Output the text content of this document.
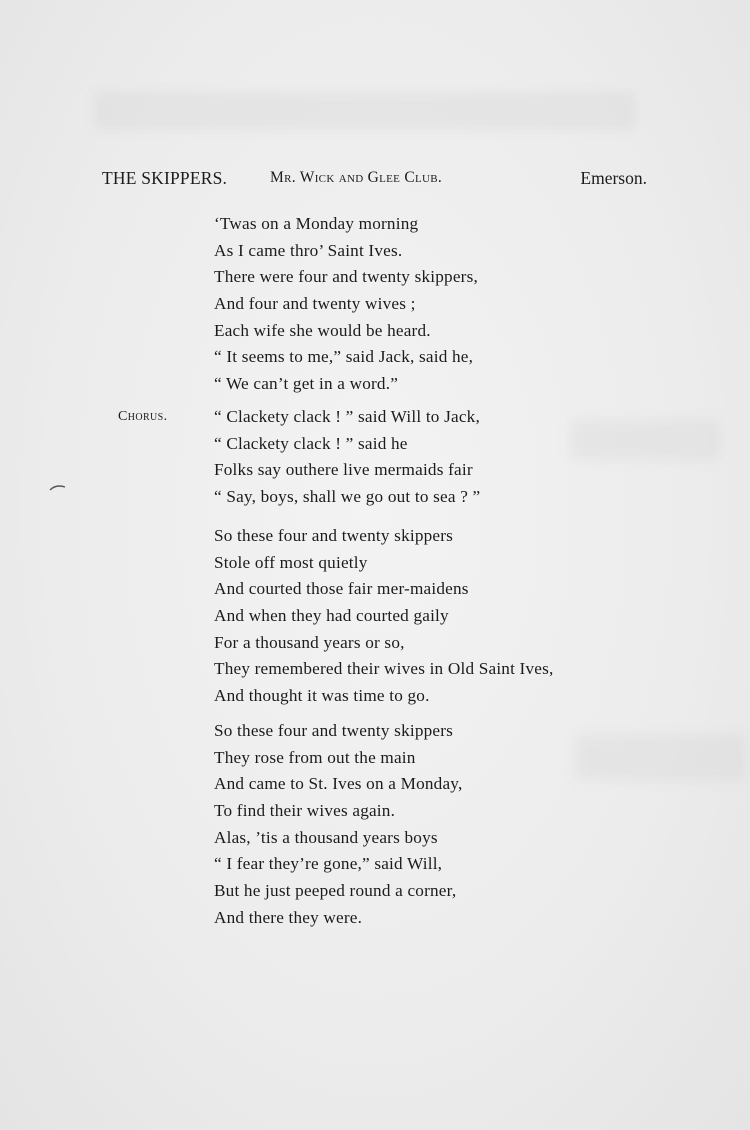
THE SKIPPERS.	Mr. Wick and Glee Club.	Emerson.
‘Twas on a Monday morning
As I came thro’ Saint Ives.
There were four and twenty skippers,
And four and twenty wives ;
Each wife she would be heard.
“ It seems to me,” said Jack, said he,
“ We can’t get in a word.”
Chorus.	“ Clackety clack ! ” said Will to Jack,
“ Clackety clack ! ” said he
Folks say outhere live mermaids fair
“ Say, boys, shall we go out to sea ? ”
So these four and twenty skippers
Stole off most quietly
And courted those fair mer-maidens
And when they had courted gaily
For a thousand years or so,
They remembered their wives in Old Saint Ives,
And thought it was time to go.
So these four and twenty skippers
They rose from out the main
And came to St. Ives on a Monday,
To find their wives again.
Alas, ’tis a thousand years boys
“ I fear they’re gone,” said Will,
But he just peeped round a corner,
And there they were.
